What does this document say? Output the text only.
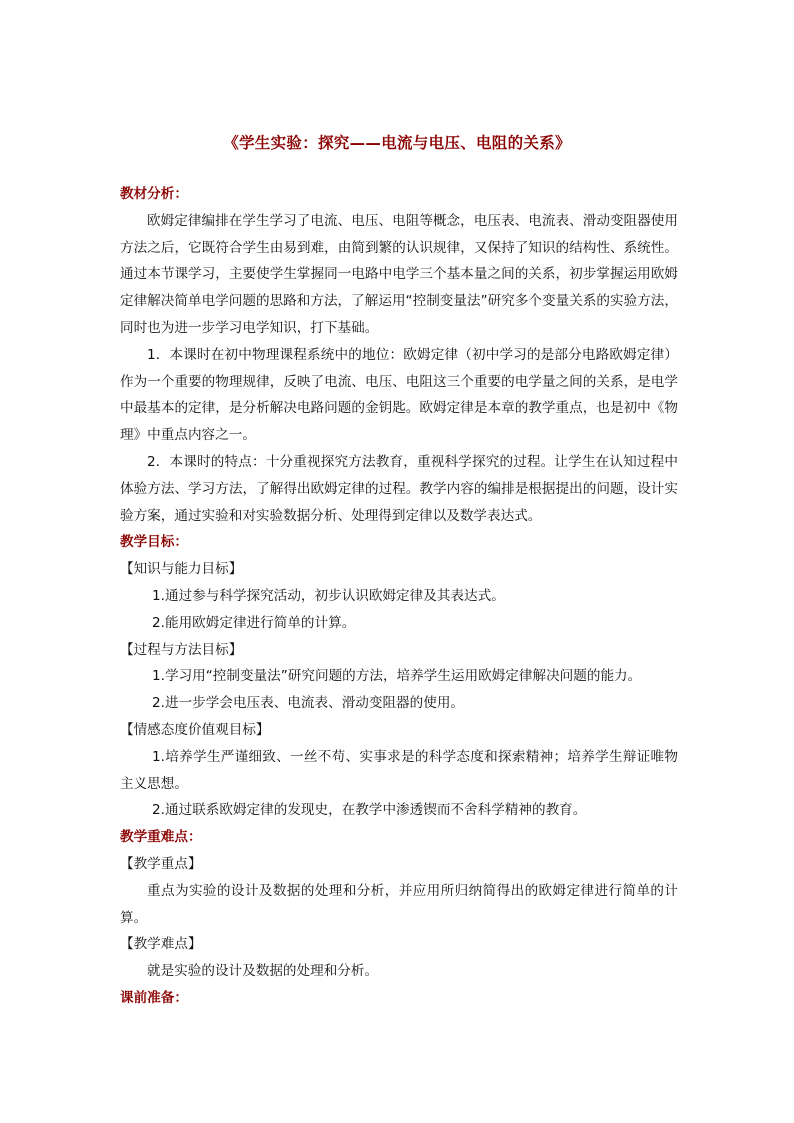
《学生实验：探究——电流与电压、电阻的关系》
教材分析：

欧姆定律编排在学生学习了电流、电压、电阻等概念，电压表、电流表、滑动变阻器使用方法之后，它既符合学生由易到难，由简到繁的认识规律，又保持了知识的结构性、系统性。通过本节课学习，主要使学生掌握同一电路中电学三个基本量之间的关系，初步掌握运用欧姆定律解决简单电学问题的思路和方法，了解运用“控制变量法”研究多个变量关系的实验方法，同时也为进一步学习电学知识，打下基础。

1．本课时在初中物理课程系统中的地位：欧姆定律（初中学习的是部分电路欧姆定律）作为一个重要的物理规律，反映了电流、电压、电阻这三个重要的电学量之间的关系，是电学中最基本的定律，是分析解决电路问题的金钥匙。欧姆定律是本章的教学重点，也是初中《物理》中重点内容之一。

2．本课时的特点：十分重视探究方法教育，重视科学探究的过程。让学生在认知过程中体验方法、学习方法，了解得出欧姆定律的过程。教学内容的编排是根据提出的问题，设计实验方案，通过实验和对实验数据分析、处理得到定律以及数学表达式。

教学目标：

【知识与能力目标】

1.通过参与科学探究活动，初步认识欧姆定律及其表达式。

2.能用欧姆定律进行简单的计算。

【过程与方法目标】

1.学习用“控制变量法”研究问题的方法，培养学生运用欧姆定律解决问题的能力。

2.进一步学会电压表、电流表、滑动变阻器的使用。

【情感态度价值观目标】

1.培养学生严谨细致、一丝不苟、实事求是的科学态度和探索精神；培养学生辩证唯物主义思想。

2.通过联系欧姆定律的发现史，在教学中渗透锲而不舍科学精神的教育。

教学重难点：

【教学重点】

重点为实验的设计及数据的处理和分析，并应用所归纳简得出的欧姆定律进行简单的计算。

【教学难点】

就是实验的设计及数据的处理和分析。

课前准备：
